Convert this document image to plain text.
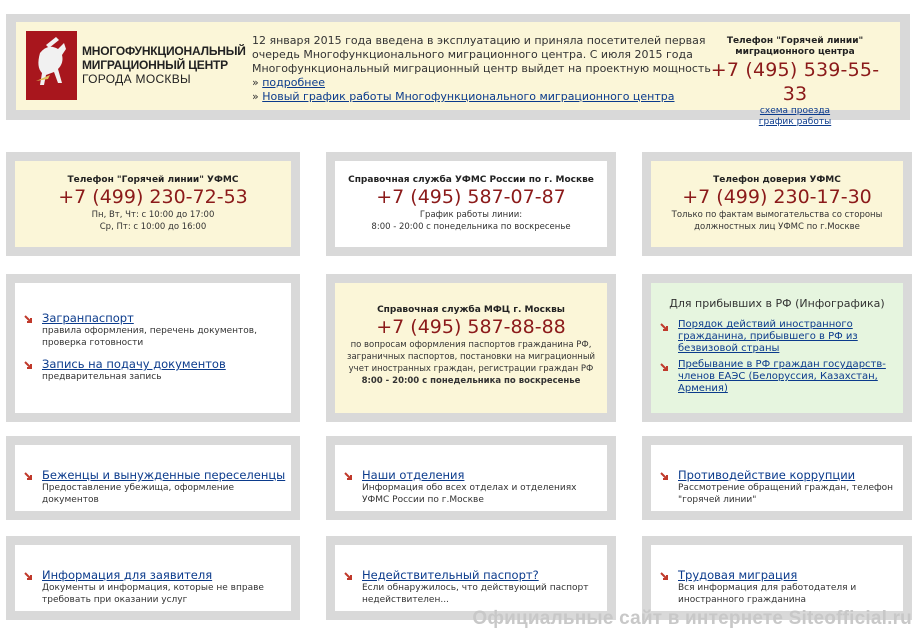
МНОГОФУНКЦИОНАЛЬНЫЙ
МИГРАЦИОННЫЙ ЦЕНТР
ГОРОДА МОСКВЫ
12 января 2015 года введена в эксплуатацию и приняла посетителей первая
очередь Многофункционального миграционного центра. С июля 2015 года
Многофункциональный миграционный центр выйдет на проектную мощность
» подробнее
» Новый график работы Многофункционального миграционного центра
Телефон "Горячей линии"
миграционного центра
+7 (495) 539-55-33
схема проезда
график работы
Телефон "Горячей линии" УФМС
+7 (499) 230-72-53
Пн, Вт, Чт: с 10:00 до 17:00
Ср, Пт: с 10:00 до 16:00
Справочная служба УФМС России по г. Москве
+7 (495) 587-07-87
График работы линии:
8:00 - 20:00 с понедельника по воскресенье
Телефон доверия УФМС
+7 (499) 230-17-30
Только по фактам вымогательства со стороны
должностных лиц УФМС по г.Москве
Загранпаспорт
правила оформления, перечень документов,
проверка готовности
Запись на подачу документов
предварительная запись
Справочная служба МФЦ г. Москвы
+7 (495) 587-88-88
по вопросам оформления паспортов гражданина РФ,
заграничных паспортов, постановки на миграционный
учет иностранных граждан, регистрации граждан РФ
8:00 - 20:00 с понедельника по воскресенье
Для прибывших в РФ (Инфографика)
Порядок действий иностранного
гражданина, прибывшего в РФ из
безвизовой страны
Пребывание в РФ граждан государств-
членов ЕАЭС (Белоруссия, Казахстан,
Армения)
Беженцы и вынужденные переселенцы
Предоставление убежища, оформление
документов
Наши отделения
Информация обо всех отделах и отделениях
УФМС России по г.Москве
Противодействие коррупции
Рассмотрение обращений граждан, телефон
"горячей линии"
Информация для заявителя
Документы и информация, которые не вправе
требовать при оказании услуг
Недействительный паспорт?
Если обнаружилось, что действующий паспорт
недействителен...
Трудовая миграция
Вся информация для работодателя и
иностранного гражданина
Официальные сайт в интернете Siteofficial.ru
